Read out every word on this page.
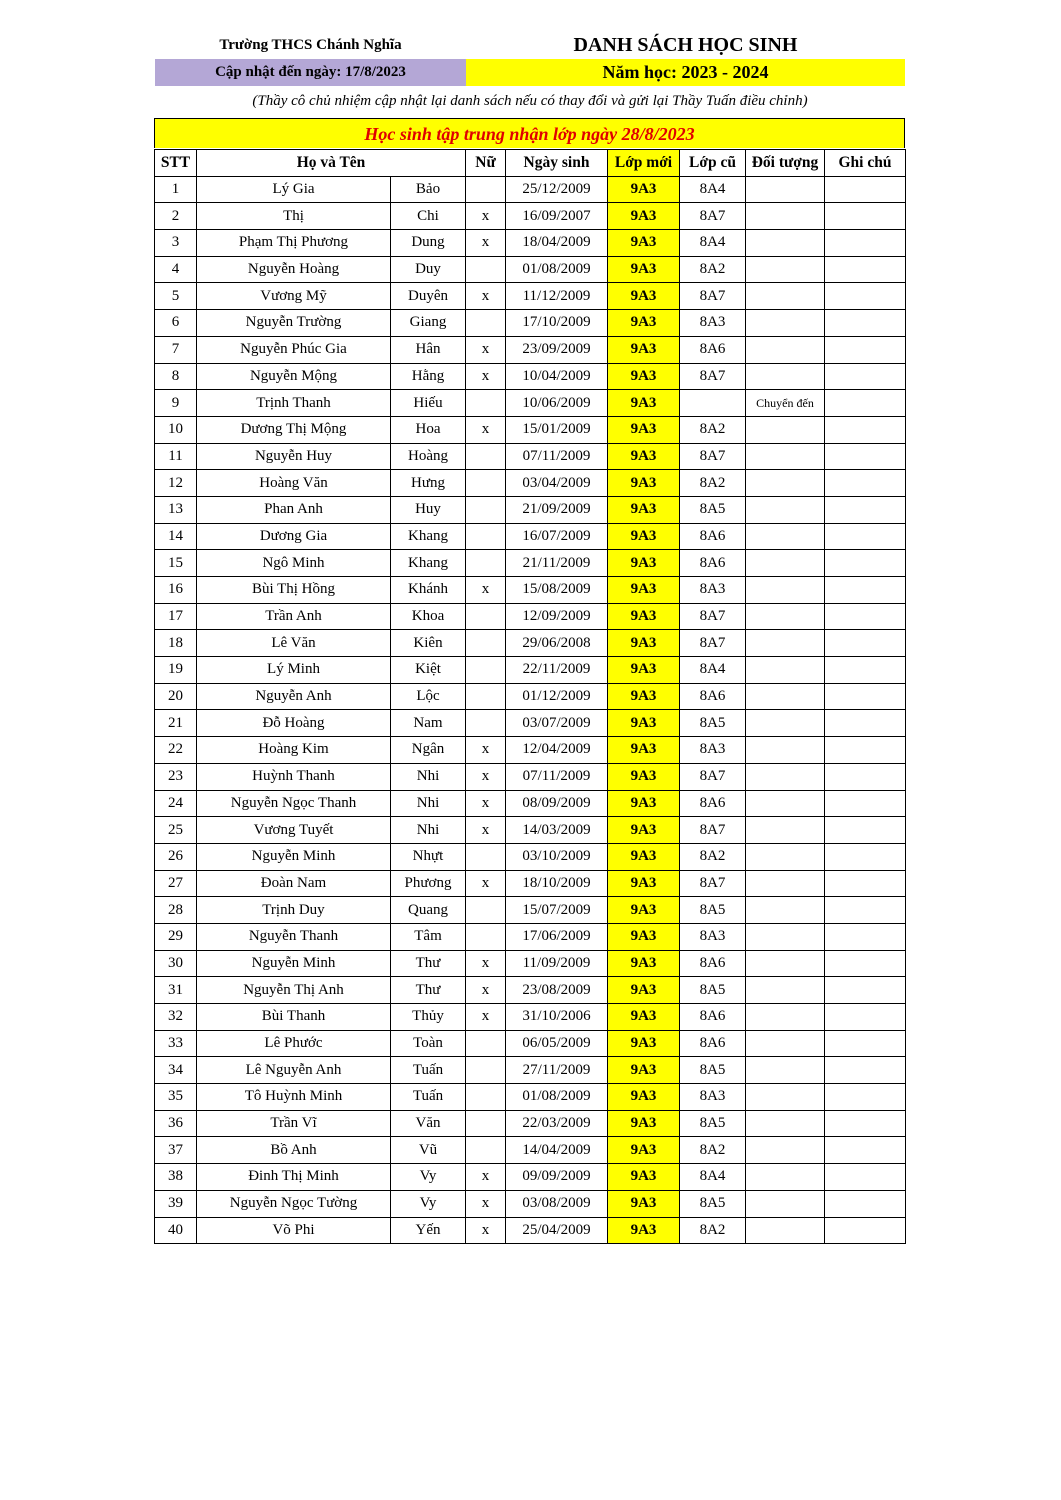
Trường THCS Chánh Nghĩa	DANH SÁCH HỌC SINH
Cập nhật đến ngày: 17/8/2023	Năm học: 2023 - 2024
(Thầy cô chủ nhiệm cập nhật lại danh sách nếu có thay đổi và gửi lại Thầy Tuấn điều chỉnh)
Học sinh tập trung nhận lớp ngày 28/8/2023
STT	Họ và Tên		Nữ	Ngày sinh	Lớp mới	Lớp cũ	Đối tượng	Ghi chú
1	Lý Gia	Bảo		25/12/2009	9A3	8A4		
2	Thị	Chi	x	16/09/2007	9A3	8A7		
3	Phạm Thị Phương	Dung	x	18/04/2009	9A3	8A4		
4	Nguyễn Hoàng	Duy		01/08/2009	9A3	8A2		
5	Vương Mỹ	Duyên	x	11/12/2009	9A3	8A7		
6	Nguyễn Trường	Giang		17/10/2009	9A3	8A3		
7	Nguyễn Phúc Gia	Hân	x	23/09/2009	9A3	8A6		
8	Nguyễn Mộng	Hằng	x	10/04/2009	9A3	8A7		
9	Trịnh Thanh	Hiếu		10/06/2009	9A3		Chuyển đến	
10	Dương Thị Mộng	Hoa	x	15/01/2009	9A3	8A2		
11	Nguyễn Huy	Hoàng		07/11/2009	9A3	8A7		
12	Hoàng Văn	Hưng		03/04/2009	9A3	8A2		
13	Phan Anh	Huy		21/09/2009	9A3	8A5		
14	Dương Gia	Khang		16/07/2009	9A3	8A6		
15	Ngô Minh	Khang		21/11/2009	9A3	8A6		
16	Bùi Thị Hồng	Khánh	x	15/08/2009	9A3	8A3		
17	Trần Anh	Khoa		12/09/2009	9A3	8A7		
18	Lê Văn	Kiên		29/06/2008	9A3	8A7		
19	Lý Minh	Kiệt		22/11/2009	9A3	8A4		
20	Nguyễn Anh	Lộc		01/12/2009	9A3	8A6		
21	Đỗ Hoàng	Nam		03/07/2009	9A3	8A5		
22	Hoàng Kim	Ngân	x	12/04/2009	9A3	8A3		
23	Huỳnh Thanh	Nhi	x	07/11/2009	9A3	8A7		
24	Nguyễn Ngọc Thanh	Nhi	x	08/09/2009	9A3	8A6		
25	Vương Tuyết	Nhi	x	14/03/2009	9A3	8A7		
26	Nguyễn Minh	Nhựt		03/10/2009	9A3	8A2		
27	Đoàn Nam	Phương	x	18/10/2009	9A3	8A7		
28	Trịnh Duy	Quang		15/07/2009	9A3	8A5		
29	Nguyễn Thanh	Tâm		17/06/2009	9A3	8A3		
30	Nguyễn Minh	Thư	x	11/09/2009	9A3	8A6		
31	Nguyễn Thị Anh	Thư	x	23/08/2009	9A3	8A5		
32	Bùi Thanh	Thủy	x	31/10/2006	9A3	8A6		
33	Lê Phước	Toàn		06/05/2009	9A3	8A6		
34	Lê Nguyễn Anh	Tuấn		27/11/2009	9A3	8A5		
35	Tô Huỳnh Minh	Tuấn		01/08/2009	9A3	8A3		
36	Trần Vĩ	Văn		22/03/2009	9A3	8A5		
37	Bồ Anh	Vũ		14/04/2009	9A3	8A2		
38	Đinh Thị Minh	Vy	x	09/09/2009	9A3	8A4		
39	Nguyễn Ngọc Tường	Vy	x	03/08/2009	9A3	8A5		
40	Võ Phi	Yến	x	25/04/2009	9A3	8A2		
